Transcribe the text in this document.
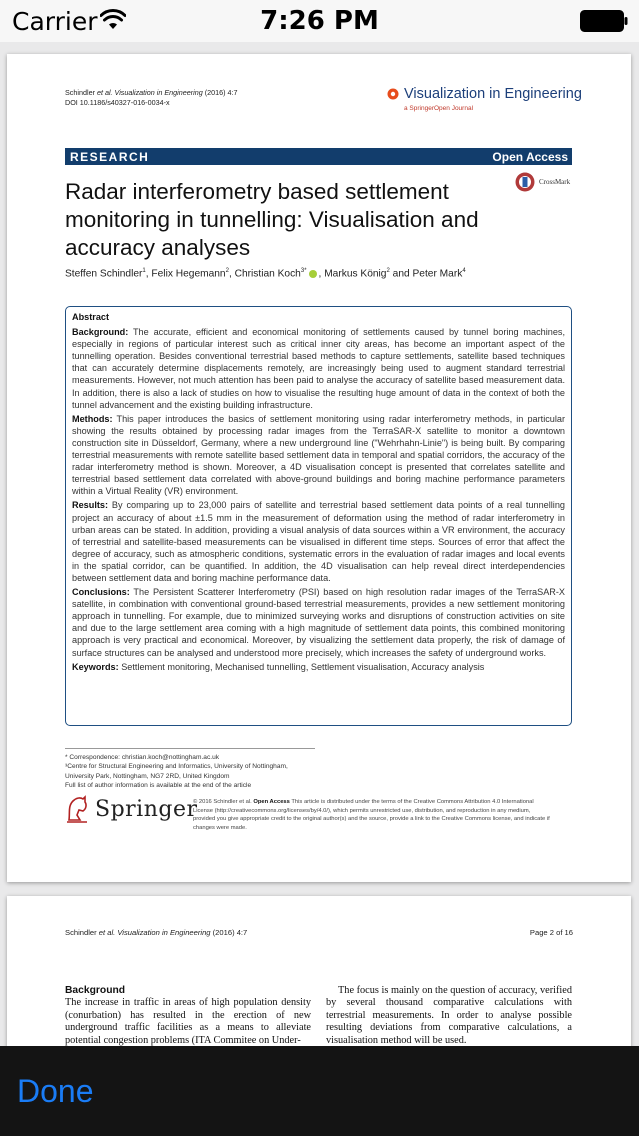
Carrier	7:26 PM
Schindler et al. Visualization in Engineering (2016) 4:7
DOI 10.1186/s40327-016-0034-x
Visualization in Engineering
a SpringerOpen Journal
RESEARCH	Open Access
CrossMark
Radar interferometry based settlement monitoring in tunnelling: Visualisation and accuracy analyses
Steffen Schindler$^1$, Felix Hegemann$^2$, Christian Koch$^{3*}$ , Markus König$^2$ and Peter Mark$^4$
Abstract

Background: The accurate, efficient and economical monitoring of settlements caused by tunnel boring machines, especially in regions of particular interest such as critical inner city areas, has become an important aspect of the tunnelling operation. Besides conventional terrestrial based methods to capture settlements, satellite based techniques that can accurately determine displacements remotely, are increasingly being used to augment standard terrestrial measurements. However, not much attention has been paid to analyse the accuracy of satellite based measurement data. In addition, there is also a lack of studies on how to visualise the resulting huge amount of data in the context of both the tunnel advancement and the existing building infrastructure.

Methods: This paper introduces the basics of settlement monitoring using radar interferometry methods, in particular showing the results obtained by processing radar images from the TerraSAR-X satellite to monitor a downtown construction site in Düsseldorf, Germany, where a new underground line ("Wehrhahn-Linie") is being built. By comparing terrestrial measurements with remote satellite based settlement data in temporal and spatial corridors, the accuracy of the radar interferometry method is shown. Moreover, a 4D visualisation concept is presented that correlates satellite and terrestrial based settlement data correlated with above-ground buildings and boring machine performance parameters within a Virtual Reality (VR) environment.

Results: By comparing up to 23,000 pairs of satellite and terrestrial based settlement data points of a real tunnelling project an accuracy of about ±1.5 mm in the measurement of deformation using the method of radar interferometry in urban areas can be stated. In addition, providing a visual analysis of data sources within a VR environment, the accuracy of terrestrial and satellite-based measurements can be visualised in different time steps. Sources of error that affect the degree of accuracy, such as atmospheric conditions, systematic errors in the evaluation of radar images and local events in the spatial corridor, can be quantified. In addition, the 4D visualisation can help reveal direct interdependencies between settlement data and boring machine performance data.

Conclusions: The Persistent Scatterer Interferometry (PSI) based on high resolution radar images of the TerraSAR-X satellite, in combination with conventional ground-based terrestrial measurements, provides a new settlement monitoring approach in tunnelling. For example, due to minimized surveying works and disruptions of construction activities on site and due to the large settlement area coming with a high magnitude of settlement data points, this combined monitoring approach is very practical and economical. Moreover, by visualizing the settlement data properly, the risk of damage of surface structures can be analysed and understood more precisely, which increases the safety of underground works.

Keywords: Settlement monitoring, Mechanised tunnelling, Settlement visualisation, Accuracy analysis

* Correspondence: christian.koch@nottingham.ac.uk
³Centre for Structural Engineering and Informatics, University of Nottingham,
University Park, Nottingham, NG7 2RD, United Kingdom
Full list of author information is available at the end of the article
Springer
© 2016 Schindler et al. Open Access This article is distributed under the terms of the Creative Commons Attribution 4.0 International License (http://creativecommons.org/licenses/by/4.0/), which permits unrestricted use, distribution, and reproduction in any medium, provided you give appropriate credit to the original author(s) and the source, provide a link to the Creative Commons license, and indicate if changes were made.
Schindler et al. Visualization in Engineering (2016) 4:7	Page 2 of 16
Background
The increase in traffic in areas of high population density (conurbation) has resulted in the erection of new underground traffic facilities as a means to alleviate potential congestion problems (ITA Commitee on Under-
The focus is mainly on the question of accuracy, verified by several thousand comparative calculations with terrestrial measurements. In order to analyse possible resulting deviations from comparative calculations, a visualisation method will be used.
Done
